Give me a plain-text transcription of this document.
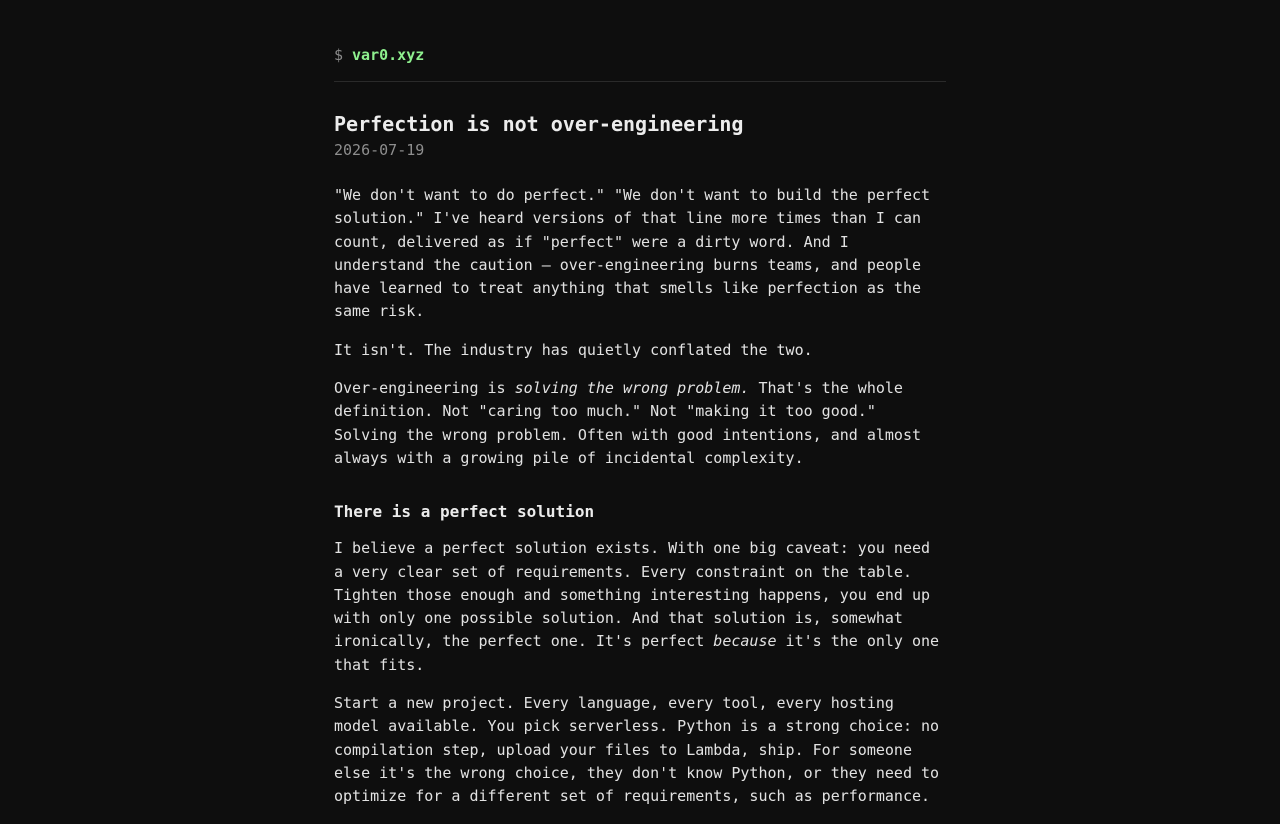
$ var0.xyz
Perfection is not over-engineering
2026-07-19

"We don't want to do perfect." "We don't want to build the perfect solution." I've heard versions of that line more times than I can count, delivered as if "perfect" were a dirty word. And I understand the caution — over-engineering burns teams, and people have learned to treat anything that smells like perfection as the same risk.

It isn't. The industry has quietly conflated the two.

Over-engineering is solving the wrong problem. That's the whole definition. Not "caring too much." Not "making it too good." Solving the wrong problem. Often with good intentions, and almost always with a growing pile of incidental complexity.

There is a perfect solution

I believe a perfect solution exists. With one big caveat: you need a very clear set of requirements. Every constraint on the table. Tighten those enough and something interesting happens, you end up with only one possible solution. And that solution is, somewhat ironically, the perfect one. It's perfect because it's the only one that fits.

Start a new project. Every language, every tool, every hosting model available. You pick serverless. Python is a strong choice: no compilation step, upload your files to Lambda, ship. For someone else it's the wrong choice, they don't know Python, or they need to optimize for a different set of requirements, such as performance.
